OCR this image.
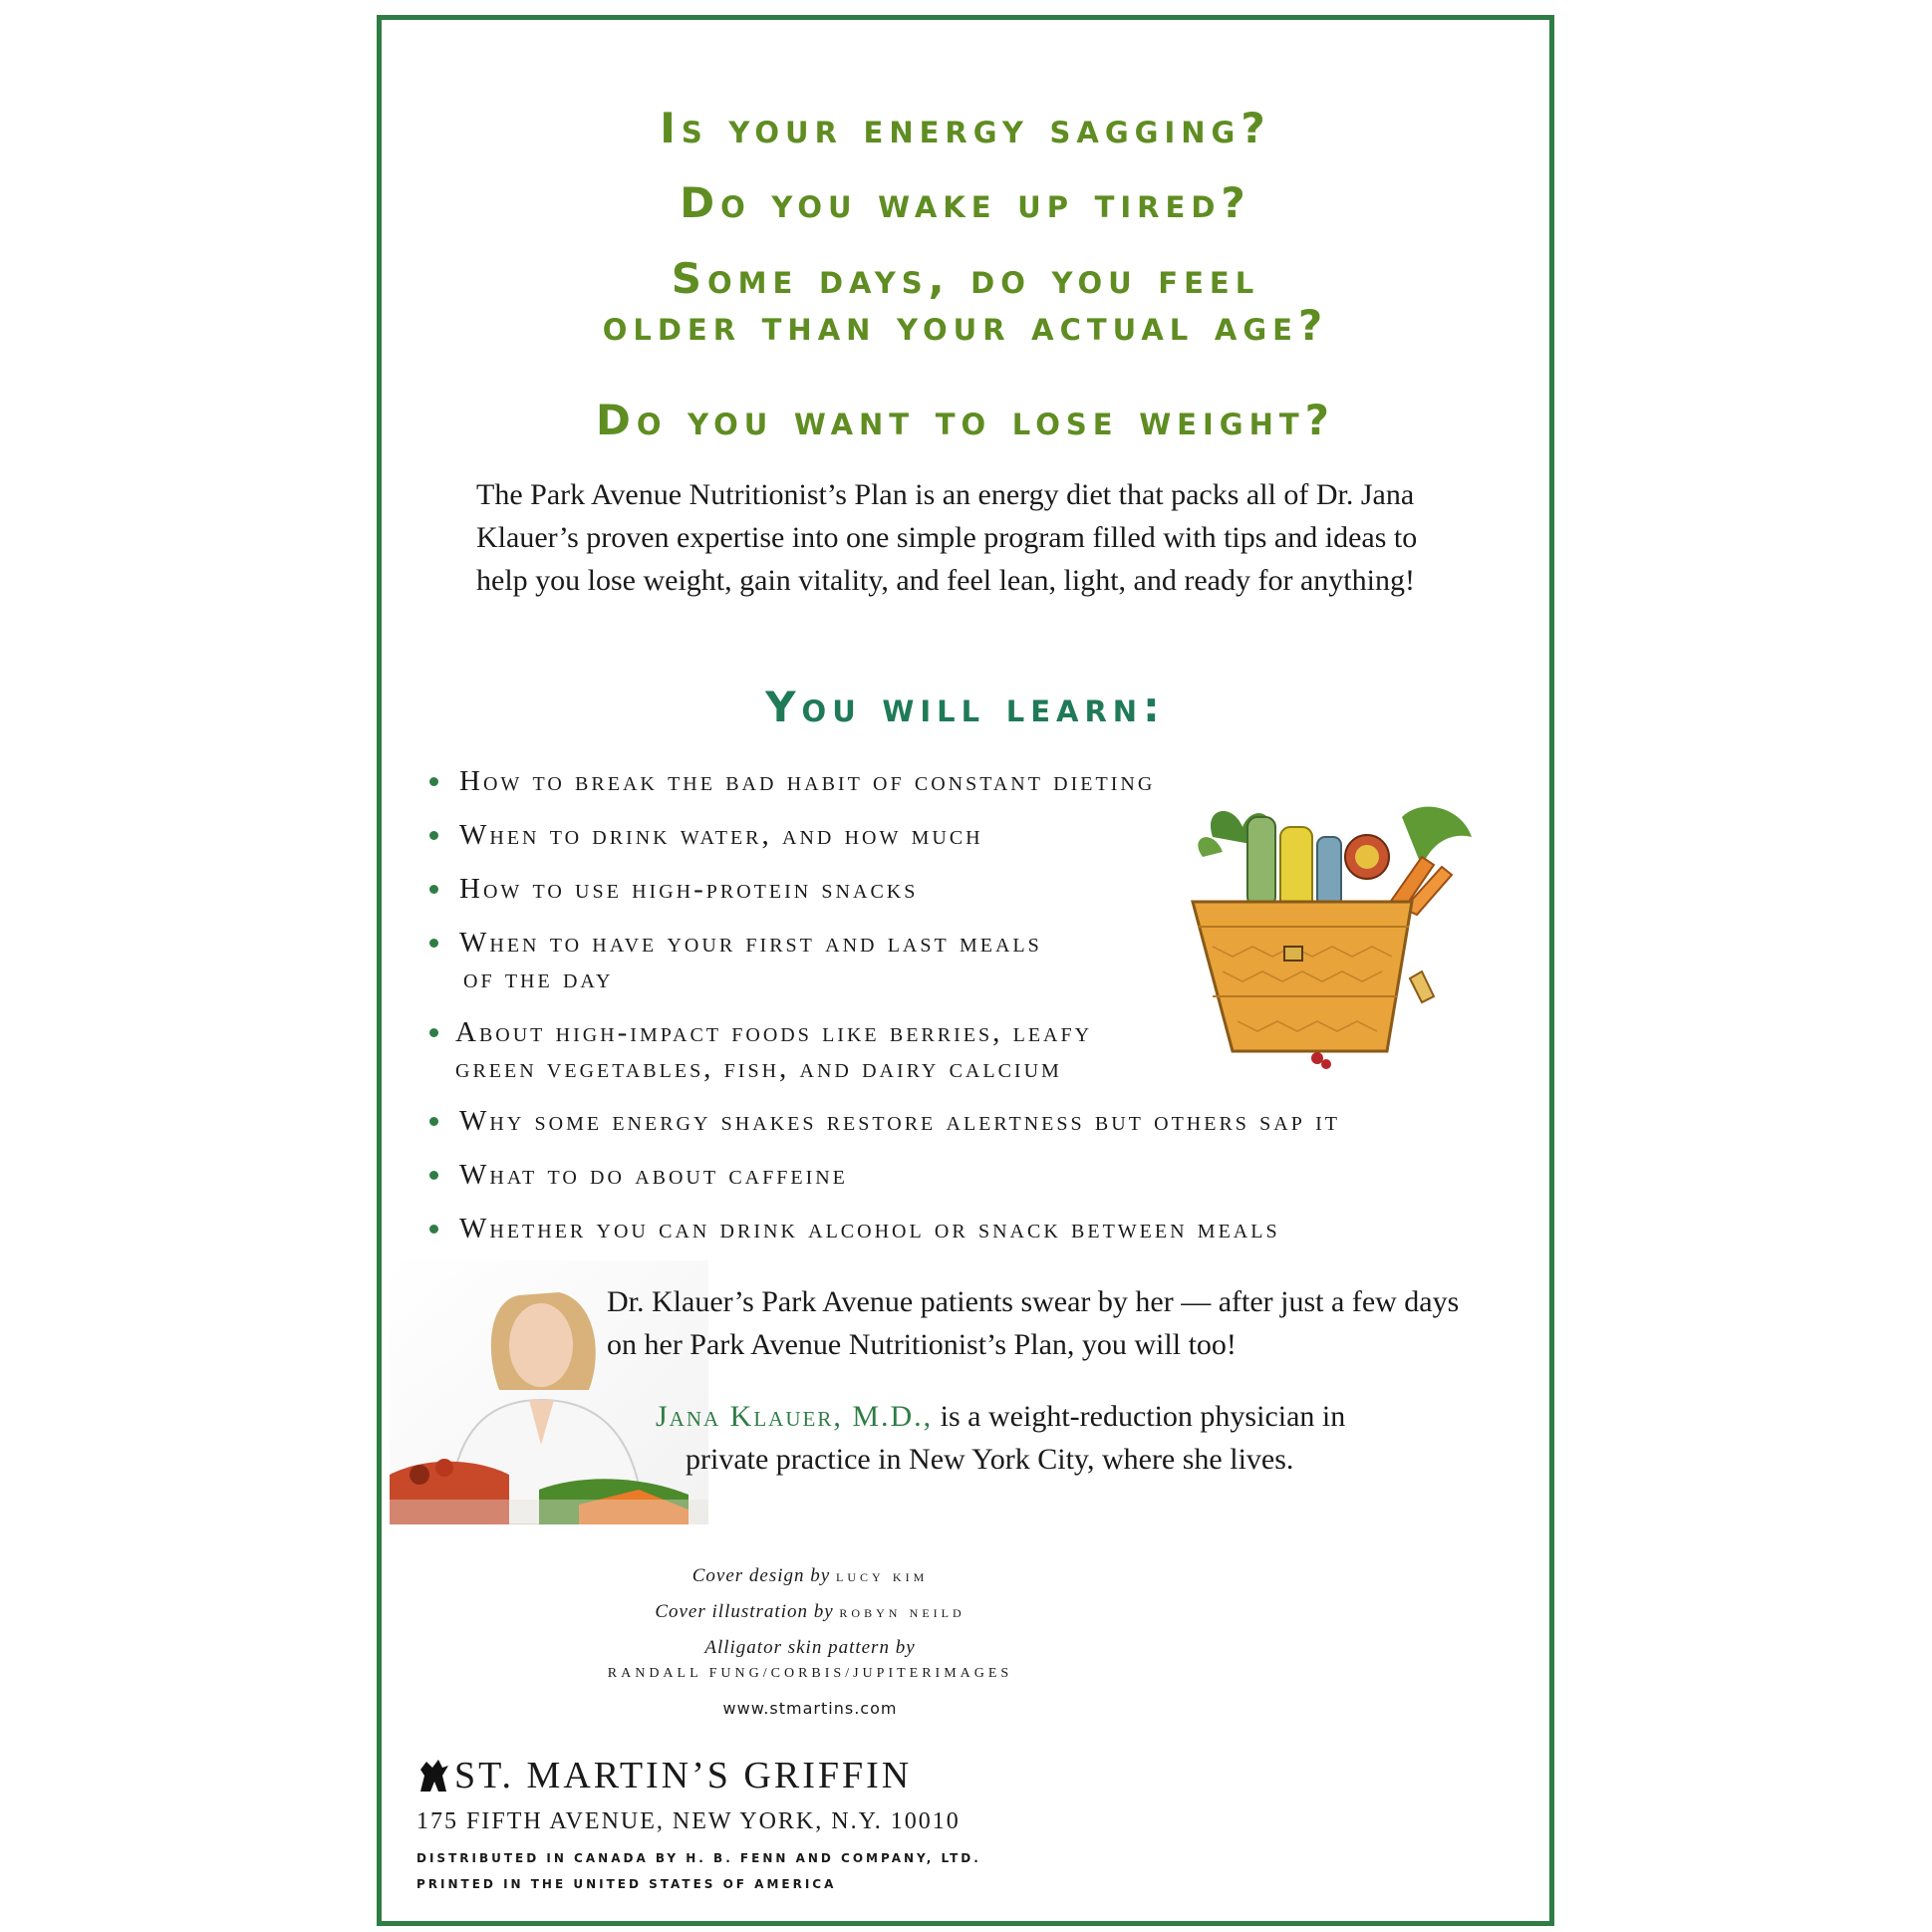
Is your energy sagging?
Do you wake up tired?
Some days, do you feel
older than your actual age?
Do you want to lose weight?
The Park Avenue Nutritionist’s Plan is an energy diet that packs all of Dr. Jana Klauer’s proven expertise into one simple program filled with tips and ideas to help you lose weight, gain vitality, and feel lean, light, and ready for anything!
You will learn:
How to break the bad habit of constant dieting
When to drink water, and how much
How to use high-protein snacks
When to have your first and last meals
of the day
About high-impact foods like berries, leafy
green vegetables, fish, and dairy calcium
Why some energy shakes restore alertness but others sap it
What to do about caffeine
Whether you can drink alcohol or snack between meals
Dr. Klauer’s Park Avenue patients swear by her — after just a few days on her Park Avenue Nutritionist’s Plan, you will too!
Jana Klauer, M.D., is a weight-reduction physician in
private practice in New York City, where she lives.
Cover design by lucy kim
Cover illustration by robyn neild
Alligator skin pattern by
RANDALL FUNG/CORBIS/JUPITERIMAGES
www.stmartins.com
ST. MARTIN’S GRIFFIN
175 FIFTH AVENUE, NEW YORK, N.Y. 10010
DISTRIBUTED IN CANADA BY H. B. FENN AND COMPANY, LTD.
PRINTED IN THE UNITED STATES OF AMERICA
